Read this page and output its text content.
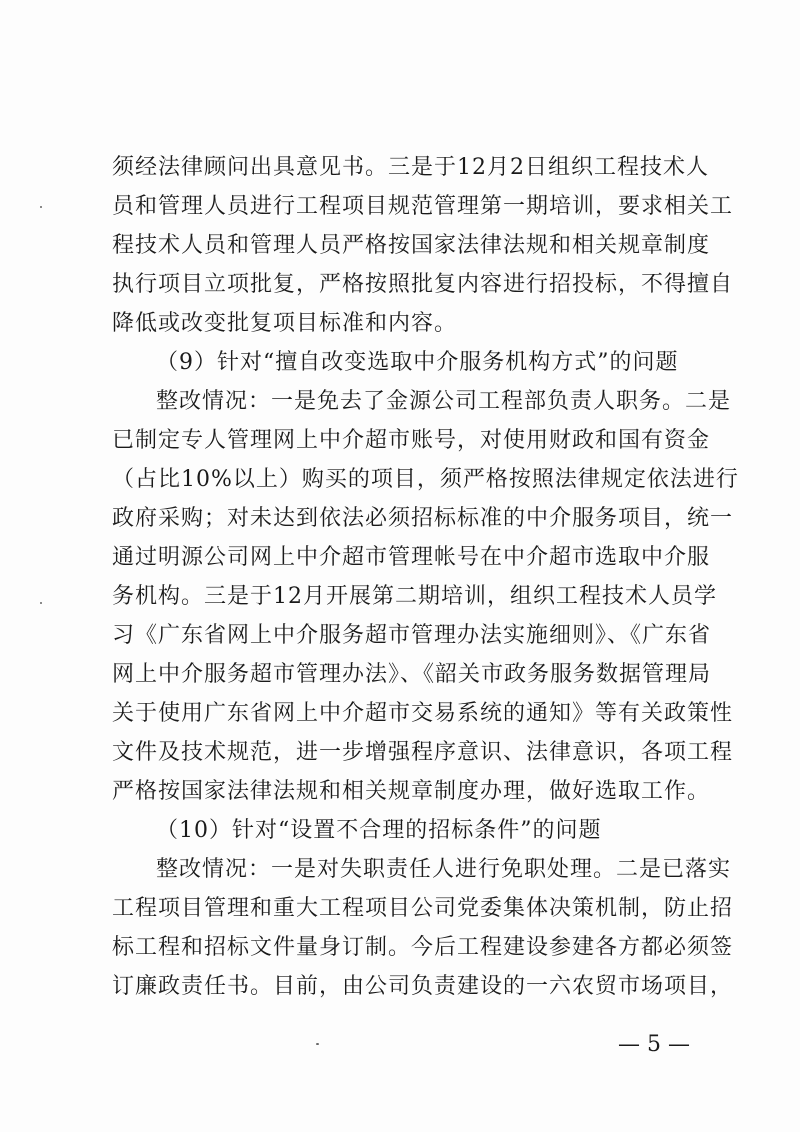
须经法律顾问出具意见书。三是于12月2日组织工程技术人
员和管理人员进行工程项目规范管理第一期培训，要求相关工
程技术人员和管理人员严格按国家法律法规和相关规章制度
执行项目立项批复，严格按照批复内容进行招投标，不得擅自
降低或改变批复项目标准和内容。
（9）针对“擅自改变选取中介服务机构方式”的问题
整改情况：一是免去了金源公司工程部负责人职务。二是
已制定专人管理网上中介超市账号，对使用财政和国有资金
（占比10%以上）购买的项目，须严格按照法律规定依法进行
政府采购；对未达到依法必须招标标准的中介服务项目，统一
通过明源公司网上中介超市管理帐号在中介超市选取中介服
务机构。三是于12月开展第二期培训，组织工程技术人员学
习《广东省网上中介服务超市管理办法实施细则》、《广东省
网上中介服务超市管理办法》、《韶关市政务服务数据管理局
关于使用广东省网上中介超市交易系统的通知》等有关政策性
文件及技术规范，进一步增强程序意识、法律意识，各项工程
严格按国家法律法规和相关规章制度办理，做好选取工作。
（10）针对“设置不合理的招标条件”的问题
整改情况：一是对失职责任人进行免职处理。二是已落实
工程项目管理和重大工程项目公司党委集体决策机制，防止招
标工程和招标文件量身订制。今后工程建设参建各方都必须签
订廉政责任书。目前，由公司负责建设的一六农贸市场项目，
— 5 —
